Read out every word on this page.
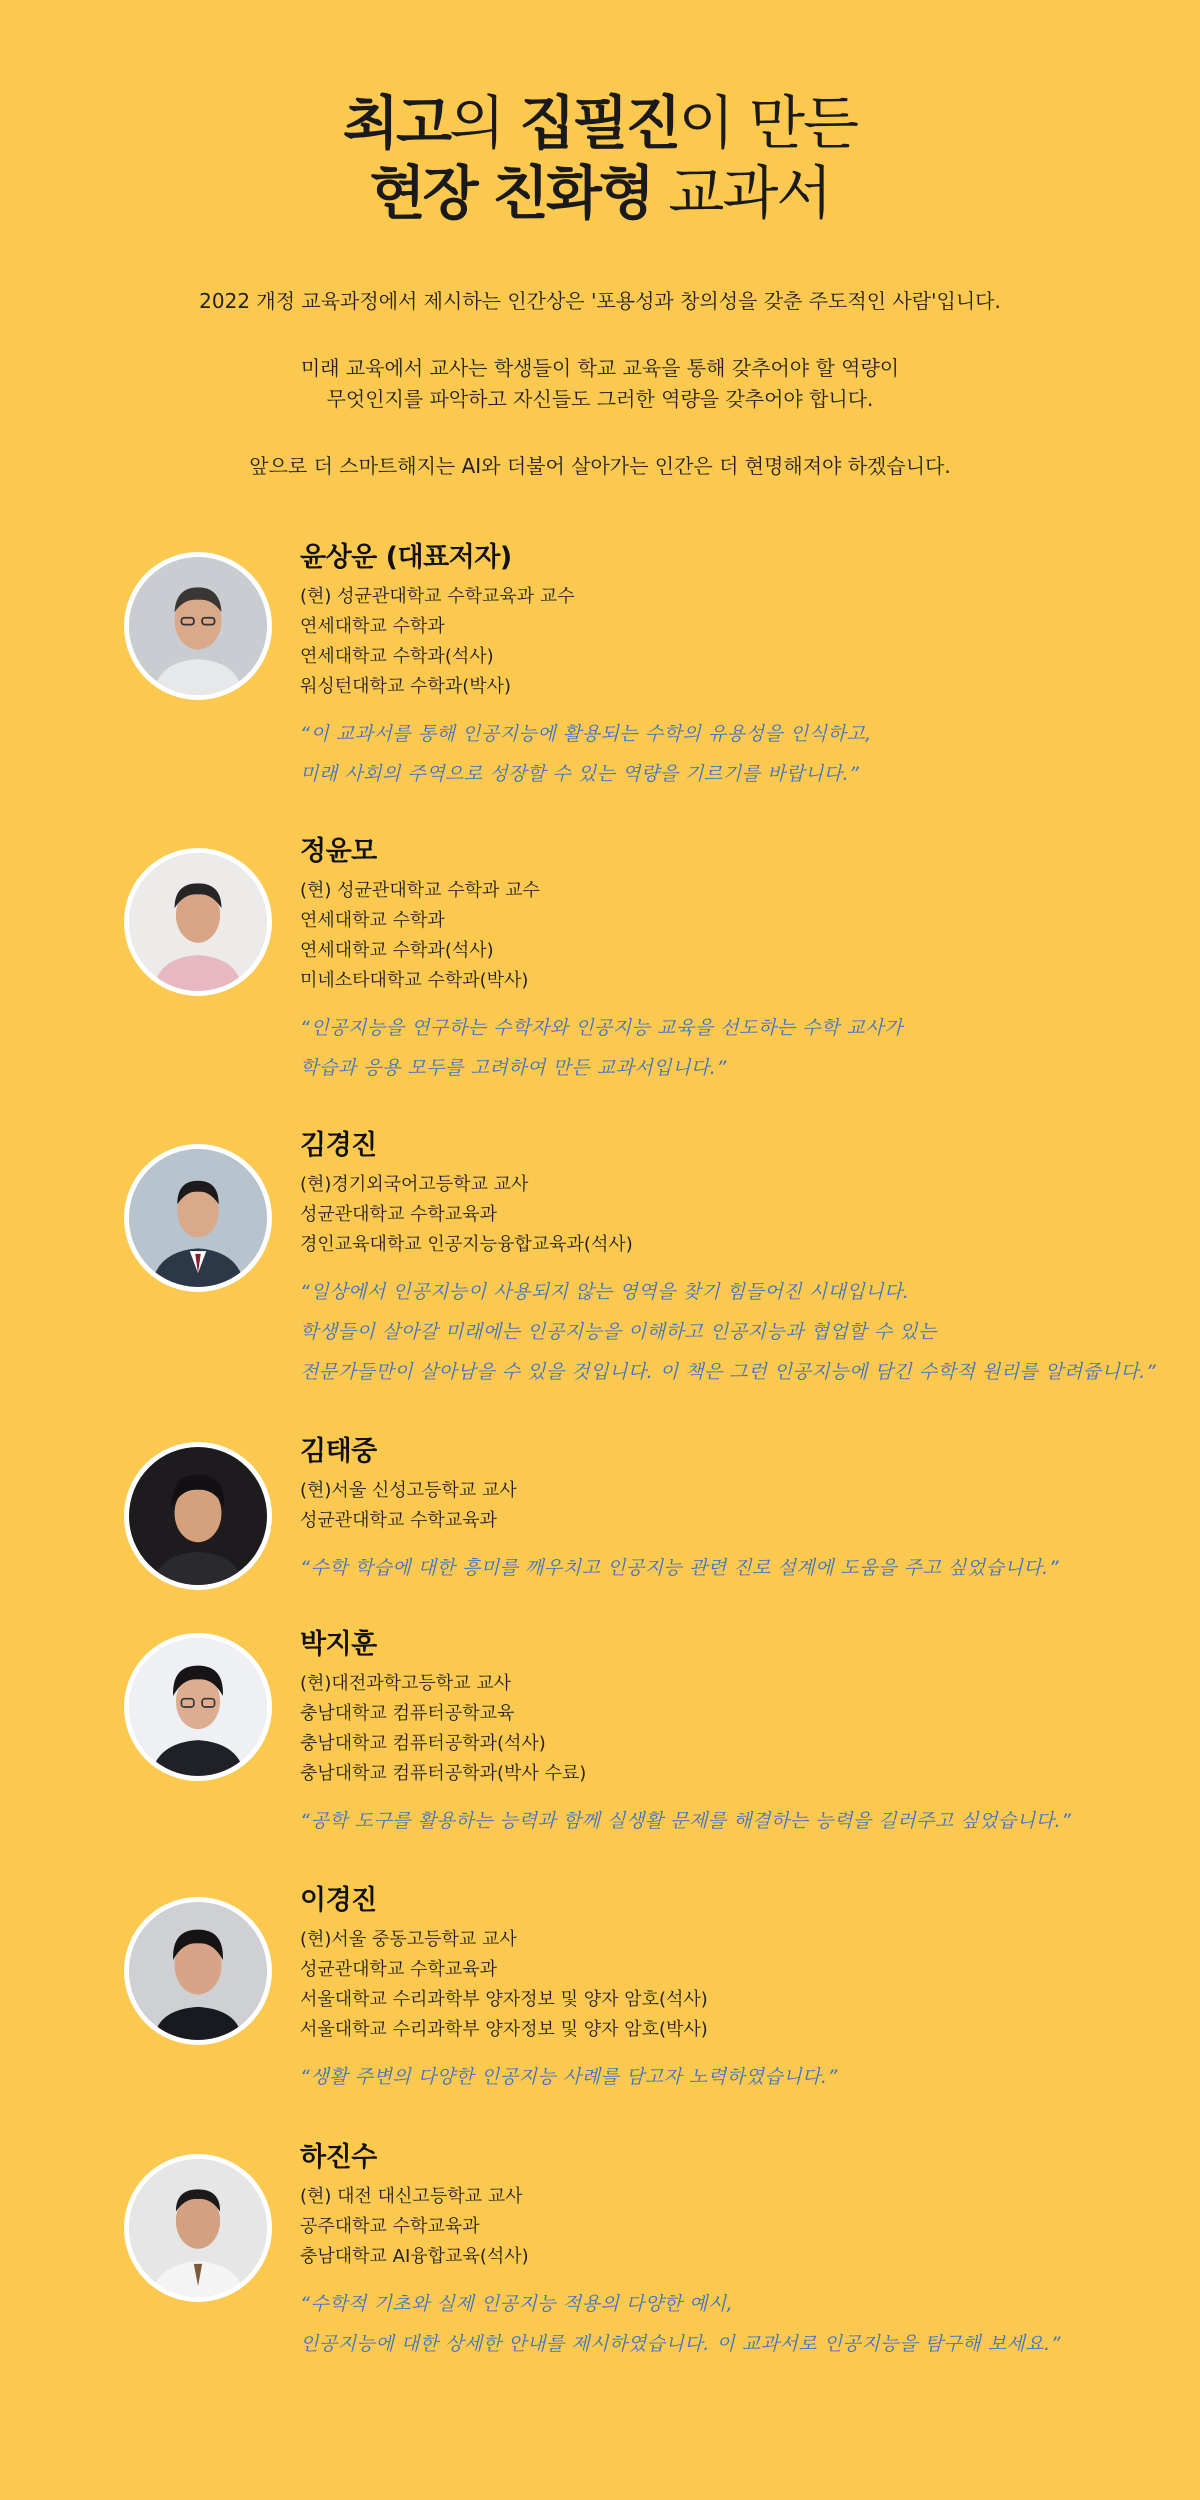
최고의 집필진이 만든
현장 친화형 교과서

2022 개정 교육과정에서 제시하는 인간상은 '포용성과 창의성을 갖춘 주도적인 사람'입니다.

미래 교육에서 교사는 학생들이 학교 교육을 통해 갖추어야 할 역량이
무엇인지를 파악하고 자신들도 그러한 역량을 갖추어야 합니다.

앞으로 더 스마트해지는 AI와 더불어 살아가는 인간은 더 현명해져야 하겠습니다.

윤상운 (대표저자)
(현) 성균관대학교 수학교육과 교수
연세대학교 수학과
연세대학교 수학과(석사)
워싱턴대학교 수학과(박사)

“이 교과서를 통해 인공지능에 활용되는 수학의 유용성을 인식하고,

미래 사회의 주역으로 성장할 수 있는 역량을 기르기를 바랍니다.”

정윤모
(현) 성균관대학교 수학과 교수
연세대학교 수학과
연세대학교 수학과(석사)
미네소타대학교 수학과(박사)

“인공지능을 연구하는 수학자와 인공지능 교육을 선도하는 수학 교사가

학습과 응용 모두를 고려하여 만든 교과서입니다.”

김경진
(현)경기외국어고등학교 교사
성균관대학교 수학교육과
경인교육대학교 인공지능융합교육과(석사)

“일상에서 인공지능이 사용되지 않는 영역을 찾기 힘들어진 시대입니다.

학생들이 살아갈 미래에는 인공지능을 이해하고 인공지능과 협업할 수 있는

전문가들만이 살아남을 수 있을 것입니다. 이 책은 그런 인공지능에 담긴 수학적 원리를 알려줍니다.”

김태중
(현)서울 신성고등학교 교사
성균관대학교 수학교육과

“수학 학습에 대한 흥미를 깨우치고 인공지능 관련 진로 설계에 도움을 주고 싶었습니다.”

박지훈
(현)대전과학고등학교 교사
충남대학교 컴퓨터공학교육
충남대학교 컴퓨터공학과(석사)
충남대학교 컴퓨터공학과(박사 수료)

“공학 도구를 활용하는 능력과 함께 실생활 문제를 해결하는 능력을 길러주고 싶었습니다.”

이경진
(현)서울 중동고등학교 교사
성균관대학교 수학교육과
서울대학교 수리과학부 양자정보 및 양자 암호(석사)
서울대학교 수리과학부 양자정보 및 양자 암호(박사)

“생활 주변의 다양한 인공지능 사례를 담고자 노력하였습니다.”

하진수
(현) 대전 대신고등학교 교사
공주대학교 수학교육과
충남대학교 AI융합교육(석사)

“수학적 기초와 실제 인공지능 적용의 다양한 예시,

인공지능에 대한 상세한 안내를 제시하였습니다. 이 교과서로 인공지능을 탐구해 보세요.”
